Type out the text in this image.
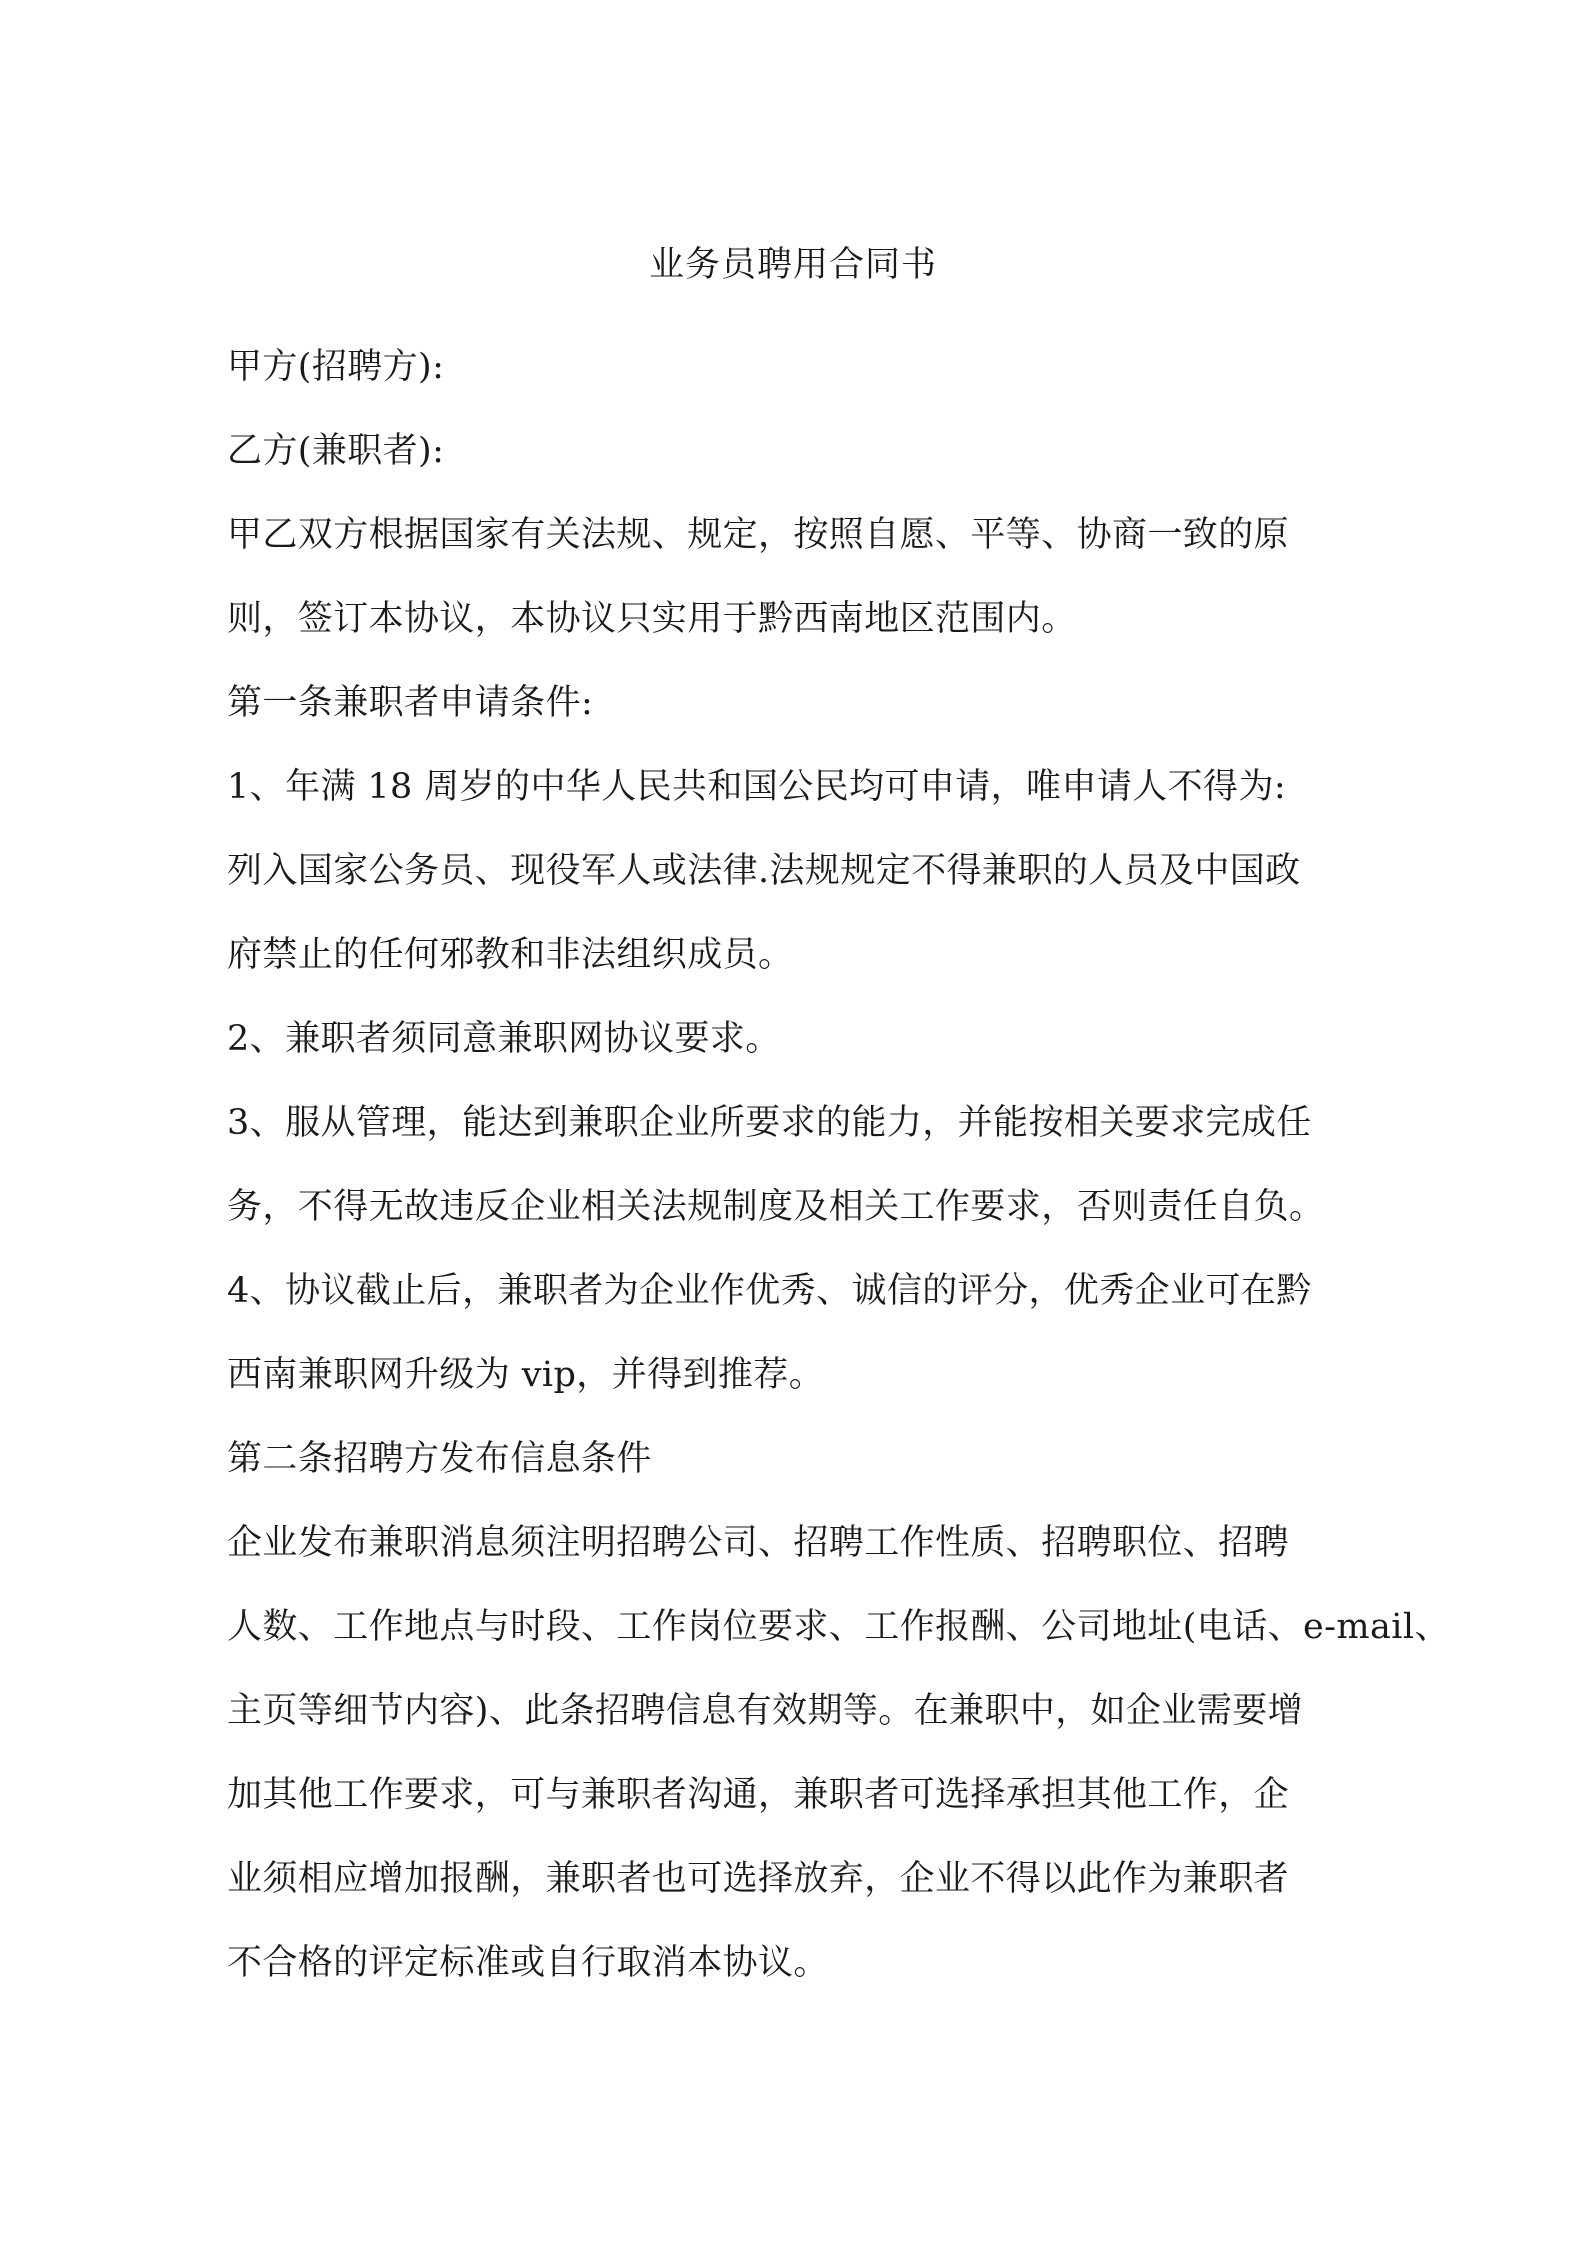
业务员聘用合同书
甲方(招聘方):
乙方(兼职者):
甲乙双方根据国家有关法规、规定，按照自愿、平等、协商一致的原
则，签订本协议，本协议只实用于黔西南地区范围内。
第一条兼职者申请条件:
1、年满 18 周岁的中华人民共和国公民均可申请，唯申请人不得为:
列入国家公务员、现役军人或法律.法规规定不得兼职的人员及中国政
府禁止的任何邪教和非法组织成员。
2、兼职者须同意兼职网协议要求。
3、服从管理，能达到兼职企业所要求的能力，并能按相关要求完成任
务，不得无故违反企业相关法规制度及相关工作要求，否则责任自负。
4、协议截止后，兼职者为企业作优秀、诚信的评分，优秀企业可在黔
西南兼职网升级为 vip，并得到推荐。
第二条招聘方发布信息条件
企业发布兼职消息须注明招聘公司、招聘工作性质、招聘职位、招聘
人数、工作地点与时段、工作岗位要求、工作报酬、公司地址(电话、e-mail、
主页等细节内容)、此条招聘信息有效期等。在兼职中，如企业需要增
加其他工作要求，可与兼职者沟通，兼职者可选择承担其他工作，企
业须相应增加报酬，兼职者也可选择放弃，企业不得以此作为兼职者
不合格的评定标准或自行取消本协议。
